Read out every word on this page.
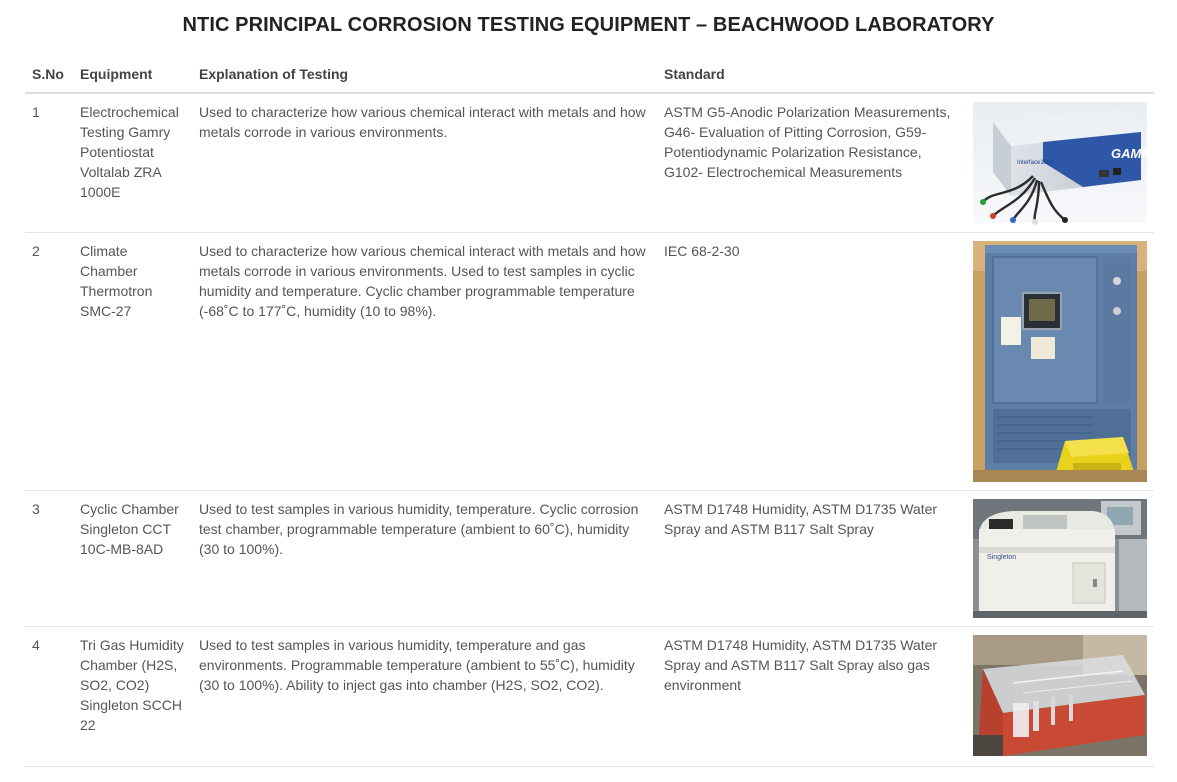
NTIC PRINCIPAL CORROSION TESTING EQUIPMENT – BEACHWOOD LABORATORY
S.No	Equipment	Explanation of Testing	Standard	
1	Electrochemical Testing Gamry Potentiostat Voltalab ZRA 1000E	Used to characterize how various chemical interact with metals and how metals corrode in various environments.	ASTM G5-Anodic Polarization Measurements, G46- Evaluation of Pitting Corrosion, G59- Potentiodynamic Polarization Resistance, G102- Electrochemical Measurements	GAMRY
Interface1000

2	Climate Chamber Thermotron SMC-27	Used to characterize how various chemical interact with metals and how metals corrode in various environments. Used to test samples in cyclic humidity and temperature. Cyclic chamber programmable temperature (-68˚C to 177˚C, humidity (10 to 98%).	IEC 68-2-30	

3	Cyclic Chamber Singleton CCT 10C-MB-8AD	Used to test samples in various humidity, temperature. Cyclic corrosion test chamber, programmable temperature (ambient to 60˚C), humidity (30 to 100%).	ASTM D1748 Humidity, ASTM D1735 Water Spray and ASTM B117 Salt Spray	Singleton

4	Tri Gas Humidity Chamber (H2S, SO2, CO2) Singleton SCCH 22	Used to test samples in various humidity, temperature and gas environments. Programmable temperature (ambient to 55˚C), humidity (30 to 100%). Ability to inject gas into chamber (H2S, SO2, CO2).	ASTM D1748 Humidity, ASTM D1735 Water Spray and ASTM B117 Salt Spray also gas environment	
